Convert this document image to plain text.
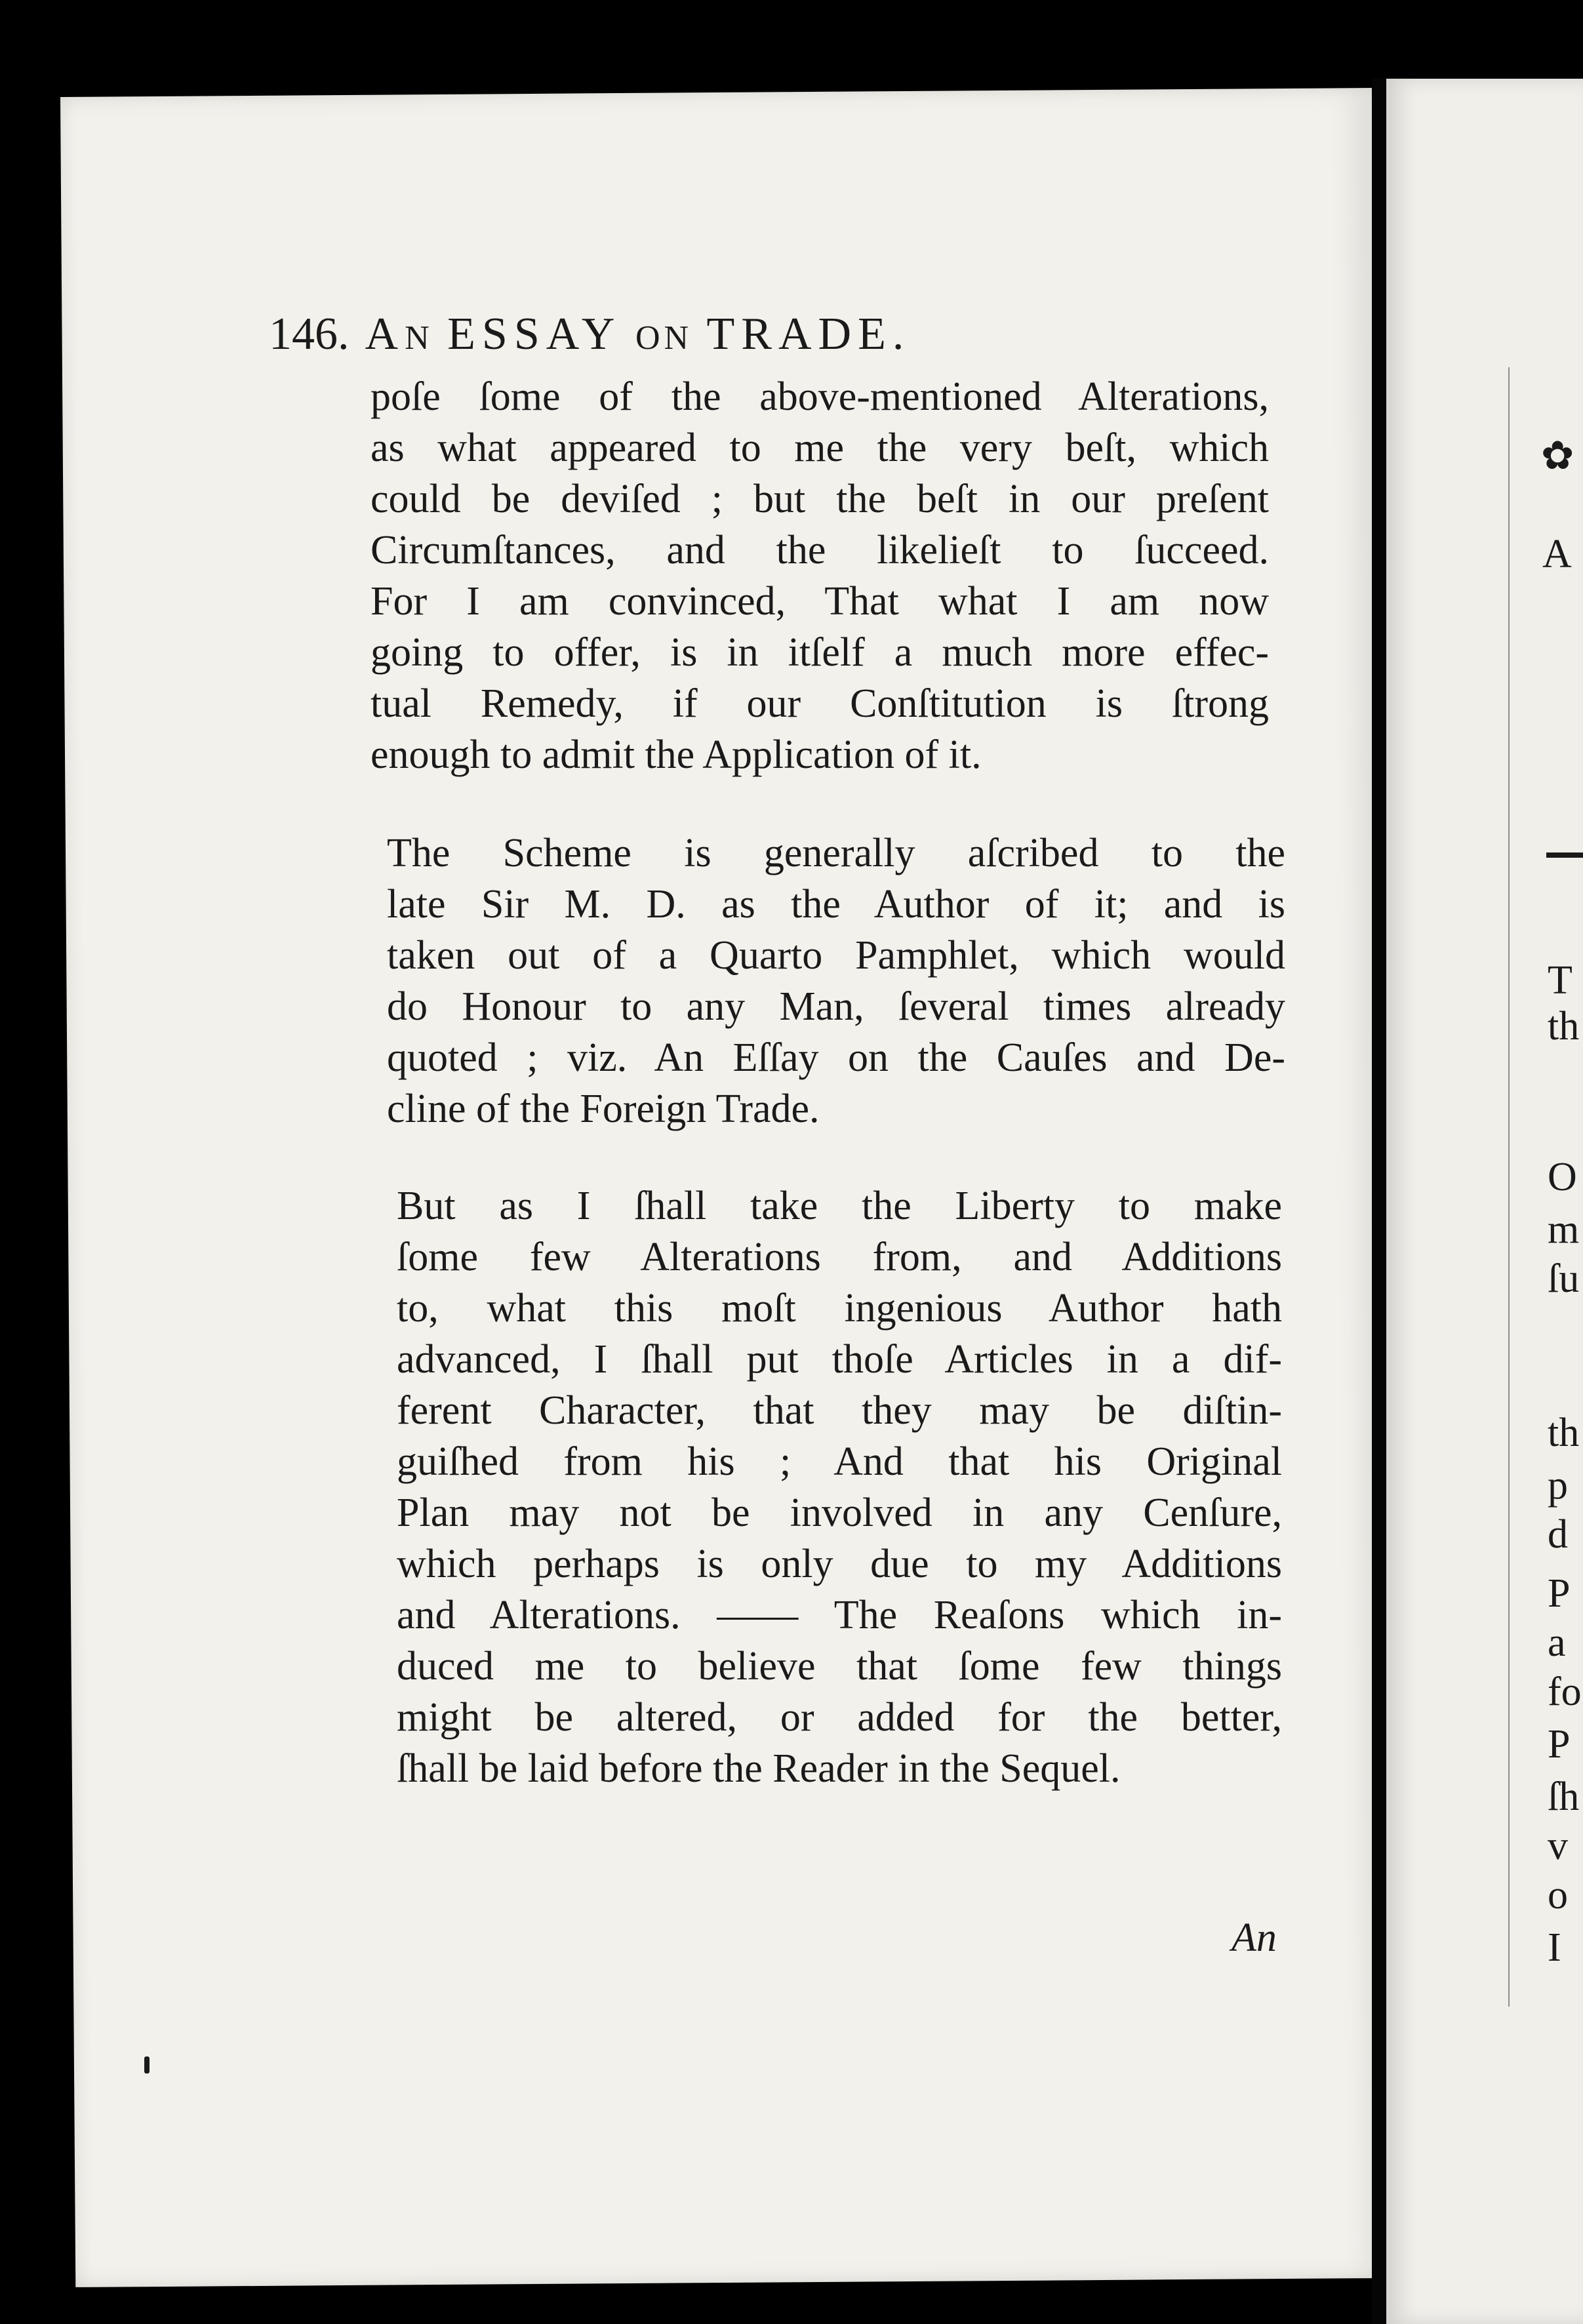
146. AN ESSAY ON TRADE.
poſe ſome of the above-mentioned Alterations,
as what appeared to me the very beſt, which
could be deviſed ; but the beſt in our preſent
Circumſtances, and the likelieſt to ſucceed.
For I am convinced, That what I am now
going to offer, is in itſelf a much more effec-
tual Remedy, if our Conſtitution is ſtrong
enough to admit the Application of it.
The Scheme is generally aſcribed to the
late Sir M. D. as the Author of it; and is
taken out of a Quarto Pamphlet, which would
do Honour to any Man, ſeveral times already
quoted ; viz. An Eſſay on the Cauſes and De-
cline of the Foreign Trade.
But as I ſhall take the Liberty to make
ſome few Alterations from, and Additions
to, what this moſt ingenious Author hath
advanced, I ſhall put thoſe Articles in a dif-
ferent Character, that they may be diſtin-
guiſhed from his ; And that his Original
Plan may not be involved in any Cenſure,
which perhaps is only due to my Additions
and Alterations. —— The Reaſons which in-
duced me to believe that ſome few things
might be altered, or added for the better,
ſhall be laid before the Reader in the Sequel.
An
✿
A
T
th
O
m
ſu
th
p
d
P
a
fo
P
ſh
v
o
I
